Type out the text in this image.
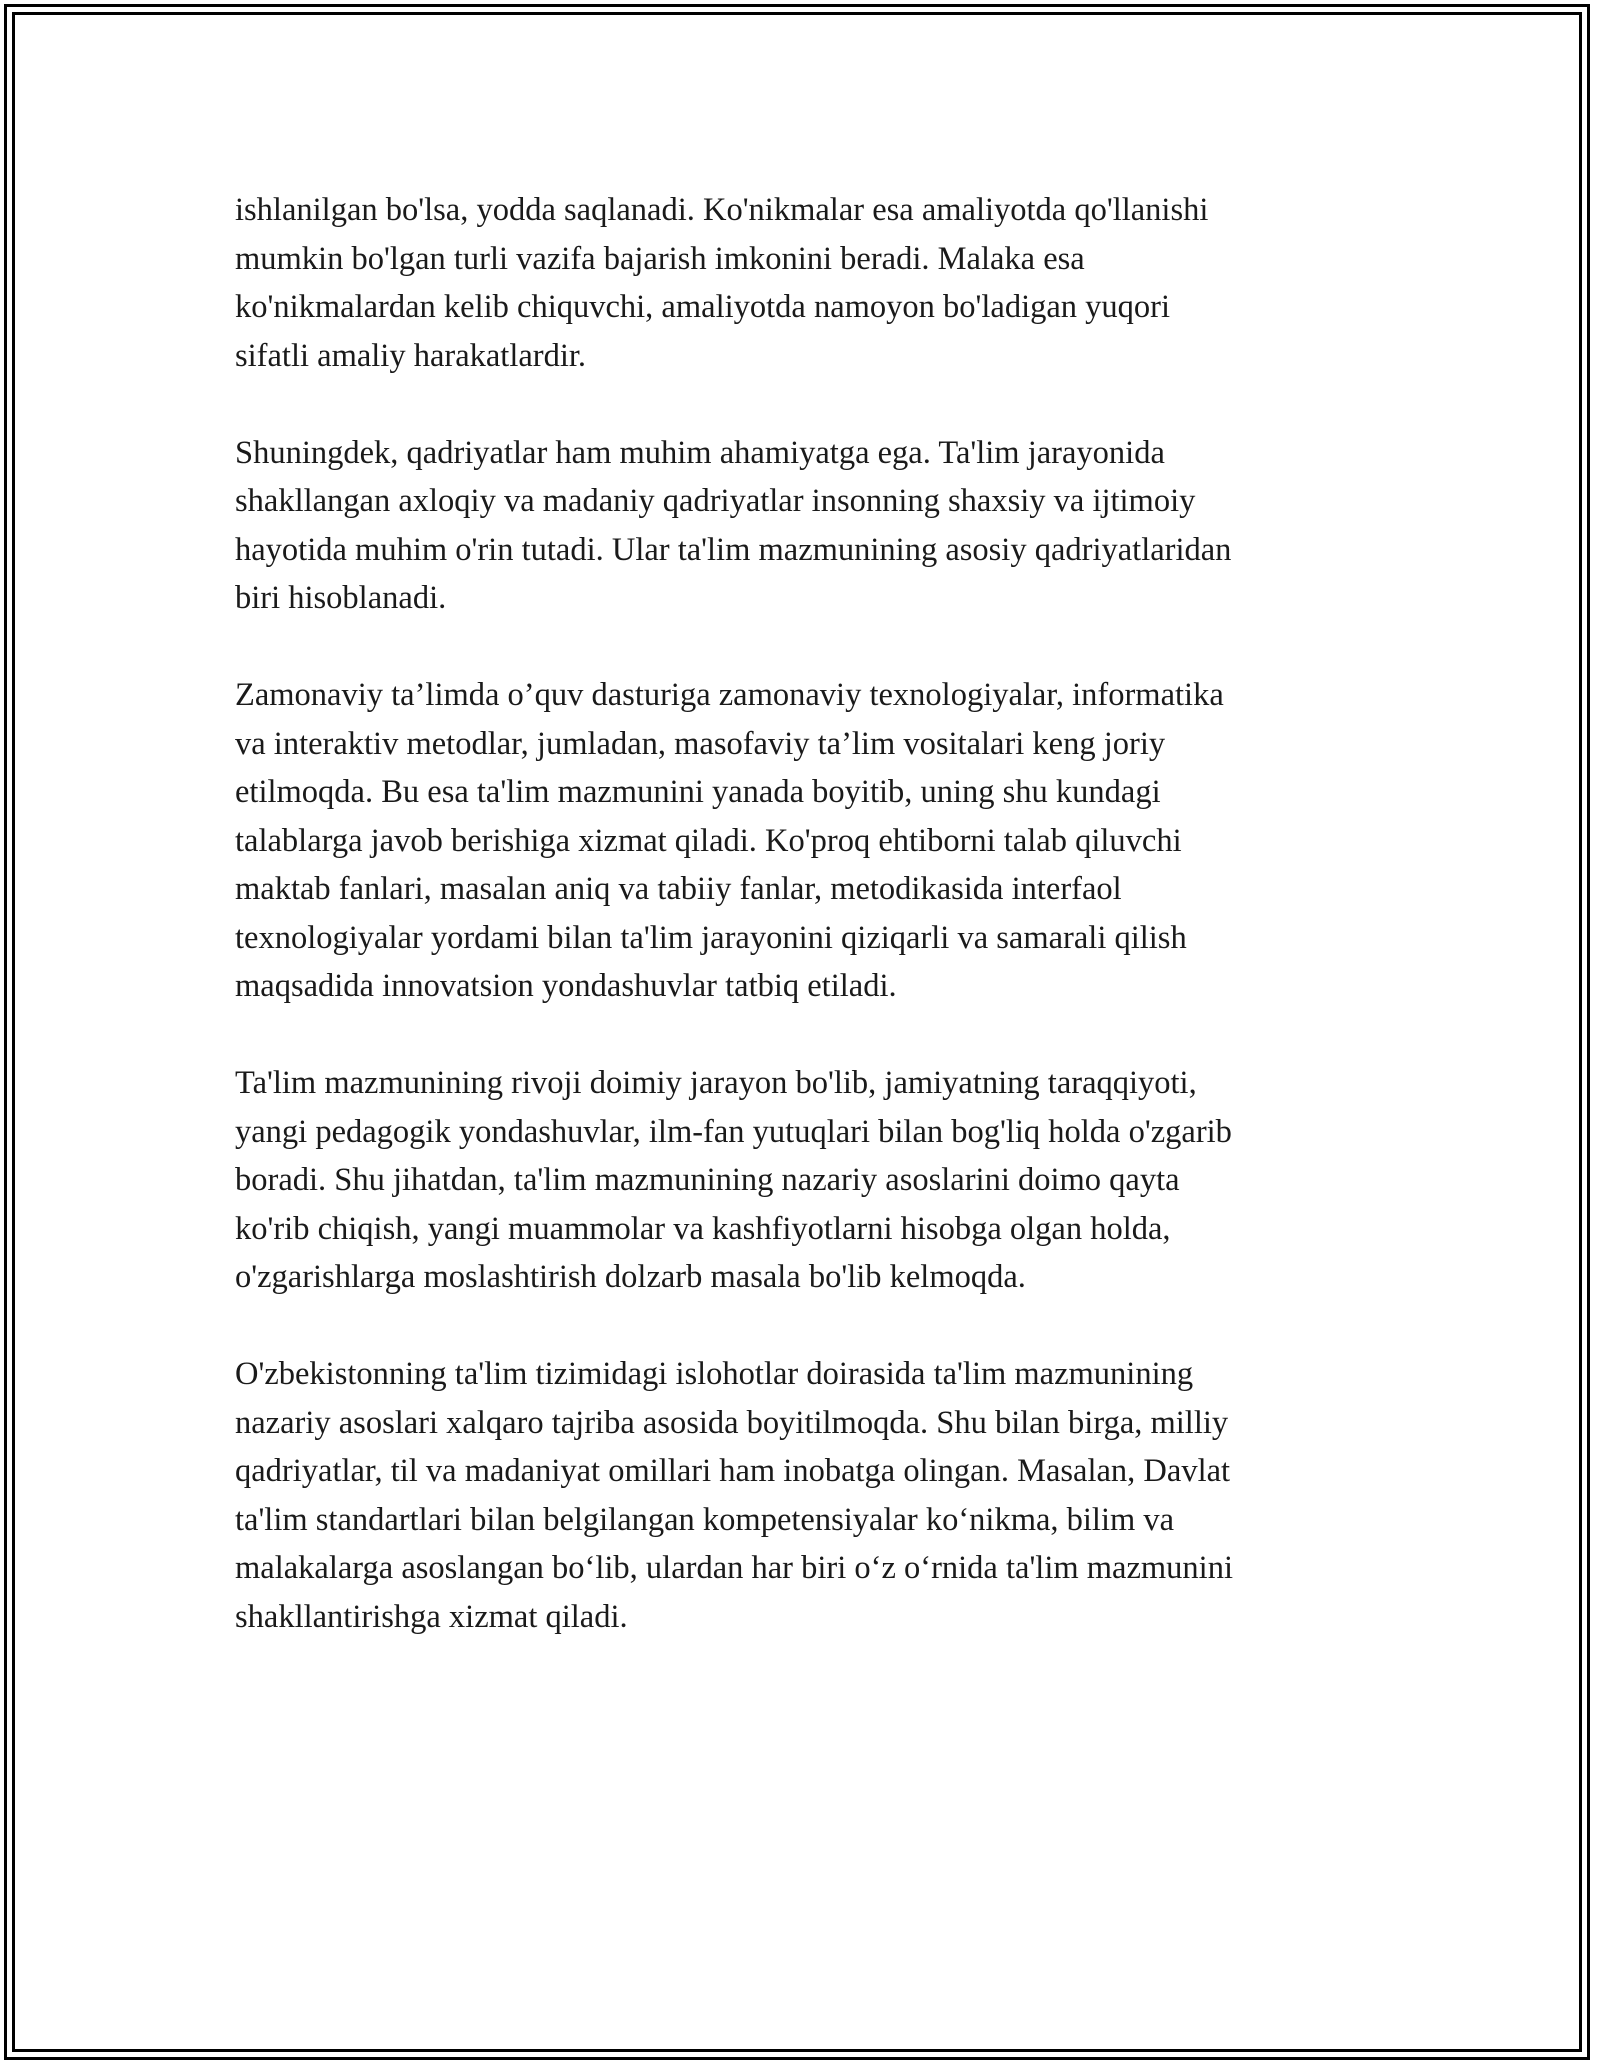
ishlanilgan bo'lsa, yodda saqlanadi. Ko'nikmalar esa amaliyotda qo'llanishi
mumkin bo'lgan turli vazifa bajarish imkonini beradi. Malaka esa
ko'nikmalardan kelib chiquvchi, amaliyotda namoyon bo'ladigan yuqori
sifatli amaliy harakatlardir.

Shuningdek, qadriyatlar ham muhim ahamiyatga ega. Ta'lim jarayonida
shakllangan axloqiy va madaniy qadriyatlar insonning shaxsiy va ijtimoiy
hayotida muhim o'rin tutadi. Ular ta'lim mazmunining asosiy qadriyatlaridan
biri hisoblanadi.

Zamonaviy ta’limda o’quv dasturiga zamonaviy texnologiyalar, informatika
va interaktiv metodlar, jumladan, masofaviy ta’lim vositalari keng joriy
etilmoqda. Bu esa ta'lim mazmunini yanada boyitib, uning shu kundagi
talablarga javob berishiga xizmat qiladi. Ko'proq ehtiborni talab qiluvchi
maktab fanlari, masalan aniq va tabiiy fanlar, metodikasida interfaol
texnologiyalar yordami bilan ta'lim jarayonini qiziqarli va samarali qilish
maqsadida innovatsion yondashuvlar tatbiq etiladi.

Ta'lim mazmunining rivoji doimiy jarayon bo'lib, jamiyatning taraqqiyoti,
yangi pedagogik yondashuvlar, ilm-fan yutuqlari bilan bog'liq holda o'zgarib
boradi. Shu jihatdan, ta'lim mazmunining nazariy asoslarini doimo qayta
ko'rib chiqish, yangi muammolar va kashfiyotlarni hisobga olgan holda,
o'zgarishlarga moslashtirish dolzarb masala bo'lib kelmoqda.

O'zbekistonning ta'lim tizimidagi islohotlar doirasida ta'lim mazmunining
nazariy asoslari xalqaro tajriba asosida boyitilmoqda. Shu bilan birga, milliy
qadriyatlar, til va madaniyat omillari ham inobatga olingan. Masalan, Davlat
ta'lim standartlari bilan belgilangan kompetensiyalar ko‘nikma, bilim va
malakalarga asoslangan bo‘lib, ulardan har biri o‘z o‘rnida ta'lim mazmunini
shakllantirishga xizmat qiladi.
